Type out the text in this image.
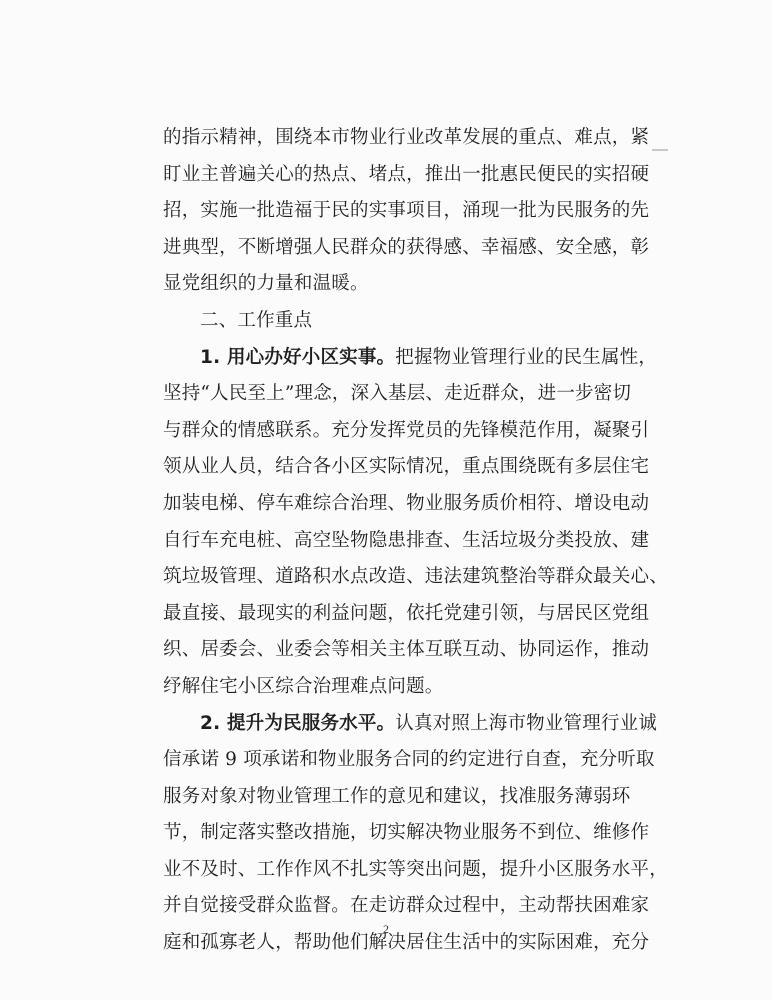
的指示精神，围绕本市物业行业改革发展的重点、难点，紧
盯业主普遍关心的热点、堵点，推出一批惠民便民的实招硬
招，实施一批造福于民的实事项目，涌现一批为民服务的先
进典型，不断增强人民群众的获得感、幸福感、安全感，彰
显党组织的力量和温暖。
二、工作重点
1. 用心办好小区实事。把握物业管理行业的民生属性，
坚持“人民至上”理念，深入基层、走近群众，进一步密切
与群众的情感联系。充分发挥党员的先锋模范作用，凝聚引
领从业人员，结合各小区实际情况，重点围绕既有多层住宅
加装电梯、停车难综合治理、物业服务质价相符、增设电动
自行车充电桩、高空坠物隐患排查、生活垃圾分类投放、建
筑垃圾管理、道路积水点改造、违法建筑整治等群众最关心、
最直接、最现实的利益问题，依托党建引领，与居民区党组
织、居委会、业委会等相关主体互联互动、协同运作，推动
纾解住宅小区综合治理难点问题。
2. 提升为民服务水平。认真对照上海市物业管理行业诚
信承诺 9 项承诺和物业服务合同的约定进行自查，充分听取
服务对象对物业管理工作的意见和建议，找准服务薄弱环
节，制定落实整改措施，切实解决物业服务不到位、维修作
业不及时、工作作风不扎实等突出问题，提升小区服务水平，
并自觉接受群众监督。在走访群众过程中，主动帮扶困难家
庭和孤寡老人，帮助他们解决居住生活中的实际困难，充分
2
